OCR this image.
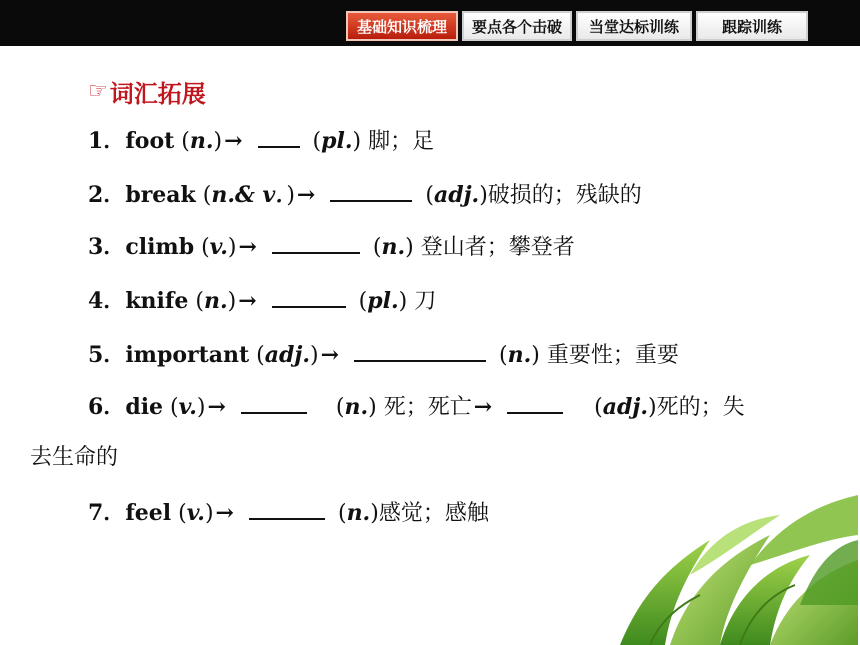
基础知识梳理	要点各个击破	当堂达标训练	跟踪训练
☞ 词汇拓展
1．foot (n.)→	(pl.) 脚；足
2．break (n.& v．)→	(adj.)破损的；残缺的
3．climb (v.)→	(n.) 登山者；攀登者
4．knife (n.)→	(pl.) 刀
5．important (adj.)→	(n.) 重要性；重要
6．die (v.)→	(n.) 死；死亡→	(adj.)死的；失
去生命的
7．feel (v.)→	(n.)感觉；感触
